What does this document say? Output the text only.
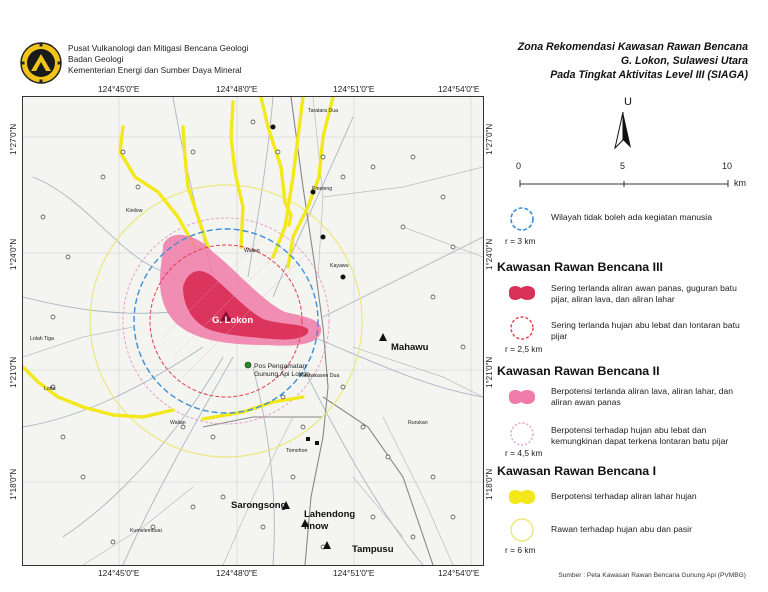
Pusat Vulkanologi dan Mitigasi Bencana Geologi
Badan Geologi
Kementerian Energi dan Sumber Daya Mineral
Zona Rekomendasi Kawasan Rawan Bencana
G. Lokon, Sulawesi Utara
Pada Tingkat Aktivitas Level III (SIAGA)
124°45'0"E	124°48'0"E	124°51'0"E	124°54'0"E
124°45'0"E	124°48'0"E	124°51'0"E	124°54'0"E
1°27'0"N
1°24'0"N
1°21'0"N
1°18'0"N
1°27'0"N
1°24'0"N
1°21'0"N
1°18'0"N
G. Lokon
Mahawu
Sarongsong
Lahendong
linow
Tampusu
Pos Pengamatan
Gunung Api Lokon
Taratara Dua
Kinilow
Kakaskasen Dua
Tomohon
Kayawu
Lolah Tiga
Wailan
Lotta
Rurukan
Kumelembuai
Walian
Pineleng
U
0	5	10
km
Wilayah tidak boleh ada kegiatan manusia
r = 3 km
Kawasan Rawan Bencana III
Sering terlanda aliran awan panas, guguran batu pijar, aliran lava, dan aliran lahar
Sering terlanda hujan abu lebat dan lontaran batu pijar
r = 2,5 km
Kawasan Rawan Bencana II
Berpotensi terlanda aliran lava, aliran lahar, dan aliran awan panas
Berpotensi terhadap hujan abu lebat dan kemungkinan dapat terkena lontaran batu pijar
r = 4,5 km
Kawasan Rawan Bencana I
Berpotensi terhadap aliran lahar hujan
Rawan terhadap hujan abu dan pasir
r = 6 km
Sumber : Peta Kawasan Rawan Bencana Gunung Api (PVMBG)
